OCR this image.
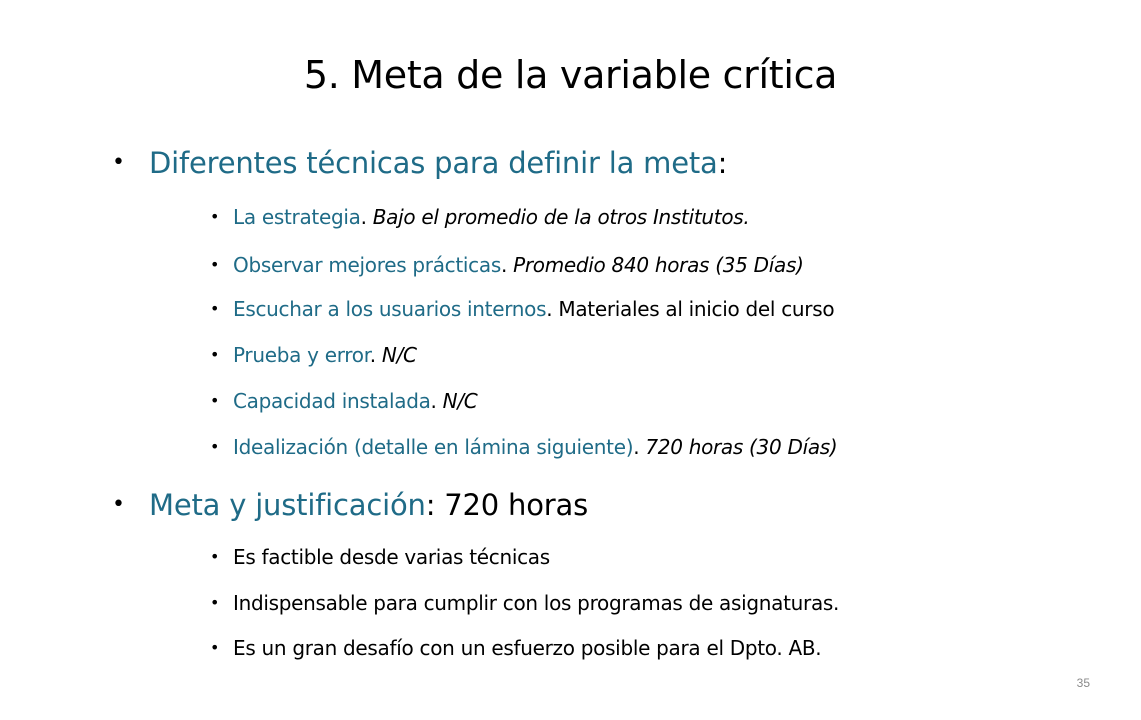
5. Meta de la variable crítica
• Diferentes técnicas para definir la meta:
• La estrategia. Bajo el promedio de la otros Institutos.
• Observar mejores prácticas. Promedio 840 horas (35 Días)
• Escuchar a los usuarios internos. Materiales al inicio del curso
• Prueba y error. N/C
• Capacidad instalada. N/C
• Idealización (detalle en lámina siguiente). 720 horas (30 Días)
• Meta y justificación: 720 horas
• Es factible desde varias técnicas
• Indispensable para cumplir con los programas de asignaturas.
• Es un gran desafío con un esfuerzo posible para el Dpto. AB.
35
